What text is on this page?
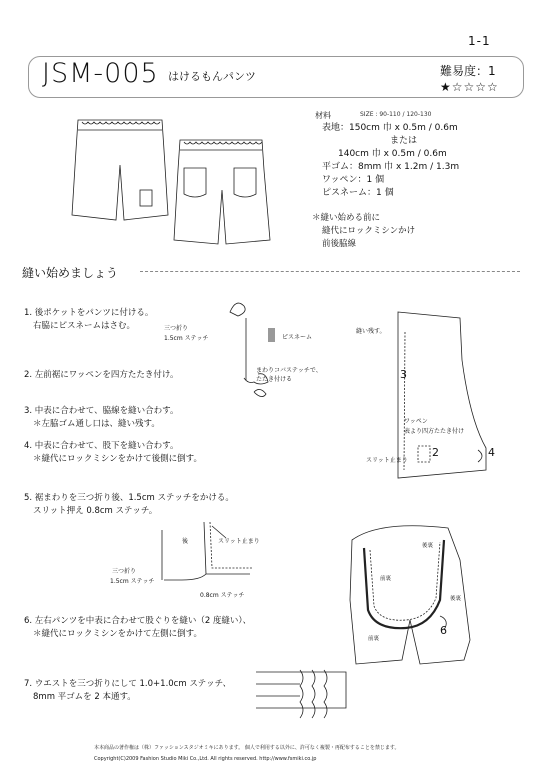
1-1
JSM-005 はけるもんパンツ	難易度：1
★☆☆☆☆
材料	SIZE : 90-110 / 120-130
表地：150cm 巾 x 0.5m / 0.6m
または
140cm 巾 x 0.5m / 0.6m
平ゴム：8mm 巾 x 1.2m / 1.3m
ワッペン：1 個
ピスネーム：1 個
＊縫い始める前に
縫代にロックミシンかけ
前後脇線
縫い始めましょう
1. 後ポケットをパンツに付ける。
右脇にピスネームはさむ。
2. 左前裾にワッペンを四方たたき付け。
3. 中表に合わせて、脇線を縫い合わす。
＊左脇ゴム通し口は、縫い残す。
4. 中表に合わせて、股下を縫い合わす。
＊縫代にロックミシンをかけて後側に倒す。
5. 裾まわりを三つ折り後、1.5cm ステッチをかける。
スリット押え 0.8cm ステッチ。
6. 左右パンツを中表に合わせて股ぐりを縫い（2 度縫い）、
＊縫代にロックミシンをかけて左側に倒す。
7. ウエストを三つ折りにして 1.0+1.0cm ステッチ、
8mm 平ゴムを 2 本通す。
三つ折り
1.5cm ステッチ	ピスネーム
まわりコバステッチで、
たたき付ける
縫い残す。
ワッペン
表より四方たたき付け
スリット止まり
後	スリット止まり
三つ折り
1.5cm ステッチ
0.8cm ステッチ
後裏
前裏
後裏
前裏
2
3
4
6
本本商品の著作権は（株）ファッションスタジオミキにあります。 個人で利用する以外に、許可なく複製・再配布することを禁じます。
Copyright(C)2009 Fashion Studio Miki Co.,Ltd. All rights reserved. http://www.fsmiki.co.jp
